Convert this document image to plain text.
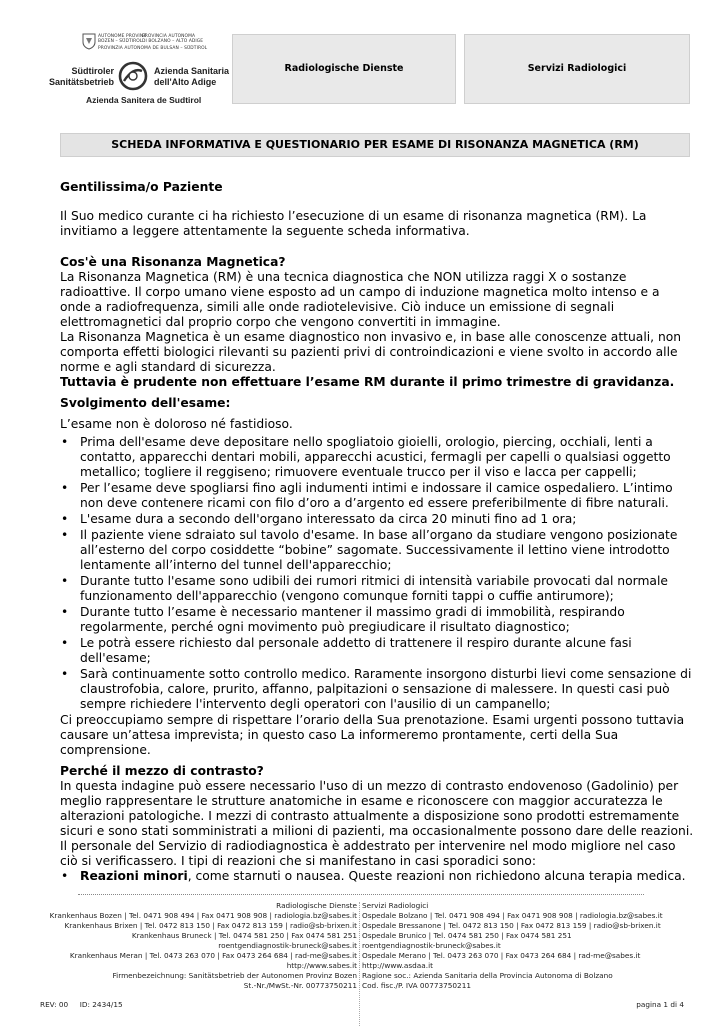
AUTONOME PROVINZ
BOZEN – SÜDTIROL
PROVINCIA AUTONOMA
DI BOLZANO – ALTO ADIGE
PROVINZIA AUTONOMA DE BULSAN – SÜDTIROL
Südtiroler
Sanitätsbetrieb
Azienda Sanitaria
dell'Alto Adige
Azienda Sanitera de Sudtirol
Radiologische Dienste	Servizi Radiologici
SCHEDA INFORMATIVA E QUESTIONARIO PER ESAME DI RISONANZA MAGNETICA (RM)

Gentilissima/o Paziente

Il Suo medico curante ci ha richiesto l’esecuzione di un esame di risonanza magnetica (RM). La invitiamo a leggere attentamente la seguente scheda informativa.

Cos'è una Risonanza Magnetica?

La Risonanza Magnetica (RM) è una tecnica diagnostica che NON utilizza raggi X o sostanze radioattive. Il corpo umano viene esposto ad un campo di induzione magnetica molto intenso e a onde a radiofrequenza, simili alle onde radiotelevisive. Ciò induce un emissione di segnali elettromagnetici dal proprio corpo che vengono convertiti in immagine.

La Risonanza Magnetica è un esame diagnostico non invasivo e, in base alle conoscenze attuali, non comporta effetti biologici rilevanti su pazienti privi di controindicazioni e viene svolto in accordo alle norme e agli standard di sicurezza.

Tuttavia è prudente non effettuare l’esame RM durante il primo trimestre di gravidanza.

Svolgimento dell'esame:

L’esame non è doloroso né fastidioso.

• Prima dell'esame deve depositare nello spogliatoio gioielli, orologio, piercing, occhiali, lenti a contatto, apparecchi dentari mobili, apparecchi acustici, fermagli per capelli o qualsiasi oggetto metallico; togliere il reggiseno; rimuovere eventuale trucco per il viso e lacca per cappelli;
• Per l’esame deve spogliarsi fino agli indumenti intimi e indossare il camice ospedaliero. L’intimo non deve contenere ricami con filo d’oro a d’argento ed essere preferibilmente di fibre naturali.
• L'esame dura a secondo dell'organo interessato da circa 20 minuti fino ad 1 ora;
• Il paziente viene sdraiato sul tavolo d'esame. In base all’organo da studiare vengono posizionate all’esterno del corpo cosiddette “bobine” sagomate. Successivamente il lettino viene introdotto lentamente all’interno del tunnel dell'apparecchio;
• Durante tutto l'esame sono udibili dei rumori ritmici di intensità variabile provocati dal normale funzionamento dell'apparecchio (vengono comunque forniti tappi o cuffie antirumore);
• Durante tutto l’esame è necessario mantener il massimo gradi di immobilità, respirando regolarmente, perché ogni movimento può pregiudicare il risultato diagnostico;
• Le potrà essere richiesto dal personale addetto di trattenere il respiro durante alcune fasi dell'esame;
• Sarà continuamente sotto controllo medico. Raramente insorgono disturbi lievi come sensazione di claustrofobia, calore, prurito, affanno, palpitazioni o sensazione di malessere. In questi casi può sempre richiedere l'intervento degli operatori con l'ausilio di un campanello;

Ci preoccupiamo sempre di rispettare l’orario della Sua prenotazione. Esami urgenti possono tuttavia causare un’attesa imprevista; in questo caso La informeremo prontamente, certi della Sua comprensione.

Perché il mezzo di contrasto?

In questa indagine può essere necessario l'uso di un mezzo di contrasto endovenoso (Gadolinio) per meglio rappresentare le strutture anatomiche in esame e riconoscere con maggior accuratezza le alterazioni patologiche. I mezzi di contrasto attualmente a disposizione sono prodotti estremamente sicuri e sono stati somministrati a milioni di pazienti, ma occasionalmente possono dare delle reazioni. Il personale del Servizio di radiodiagnostica è addestrato per intervenire nel modo migliore nel caso ciò si verificassero. I tipi di reazioni che si manifestano in casi sporadici sono:

• Reazioni minori, come starnuti o nausea. Queste reazioni non richiedono alcuna terapia medica.
Radiologische Dienste
Krankenhaus Bozen | Tel. 0471 908 494 | Fax 0471 908 908 | radiologia.bz@sabes.it
Krankenhaus Brixen | Tel. 0472 813 150 | Fax 0472 813 159 | radio@sb-brixen.it
Krankenhaus Bruneck | Tel. 0474 581 250 | Fax 0474 581 251
roentgendiagnostik-bruneck@sabes.it
Krankenhaus Meran | Tel. 0473 263 070 | Fax 0473 264 684 | rad-me@sabes.it
http://www.sabes.it
Firmenbezeichnung: Sanitätsbetrieb der Autonomen Provinz Bozen
St.-Nr./MwSt.-Nr. 00773750211
Servizi Radiologici
Ospedale Bolzano | Tel. 0471 908 494 | Fax 0471 908 908 | radiologia.bz@sabes.it
Ospedale Bressanone | Tel. 0472 813 150 | Fax 0472 813 159 | radio@sb-brixen.it
Ospedale Brunico | Tel. 0474 581 250 | Fax 0474 581 251
roentgendiagnostik-bruneck@sabes.it
Ospedale Merano | Tel. 0473 263 070 | Fax 0473 264 684 | rad-me@sabes.it
http://www.asdaa.it
Ragione soc.: Azienda Sanitaria della Provincia Autonoma di Bolzano
Cod. fisc./P. IVA 00773750211
REV: 00     ID: 2434/15	pagina 1 di 4
